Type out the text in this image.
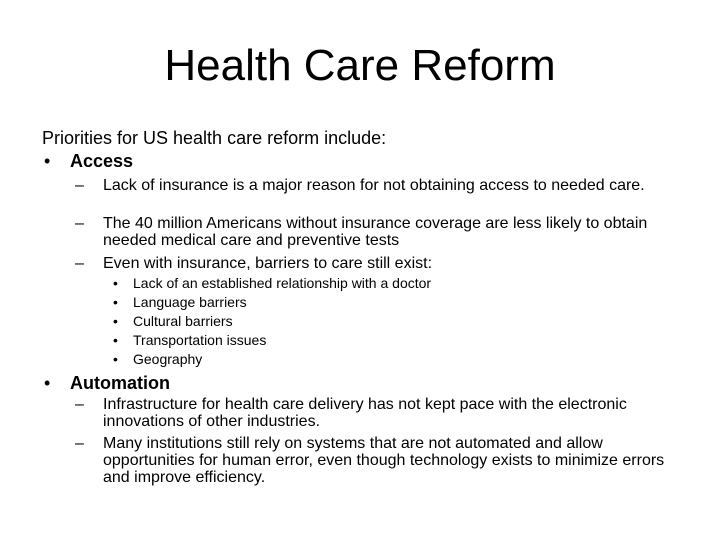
Health Care Reform
Priorities for US health care reform include:
•	Access
– Lack of insurance is a major reason for not obtaining access to needed care.
– The 40 million Americans without insurance coverage are less likely to obtain needed medical care and preventive tests
– Even with insurance, barriers to care still exist:
• Lack of an established relationship with a doctor
• Language barriers
• Cultural barriers
• Transportation issues
• Geography
•	Automation
– Infrastructure for health care delivery has not kept pace with the electronic innovations of other industries.
– Many institutions still rely on systems that are not automated and allow opportunities for human error, even though technology exists to minimize errors and improve efficiency.
